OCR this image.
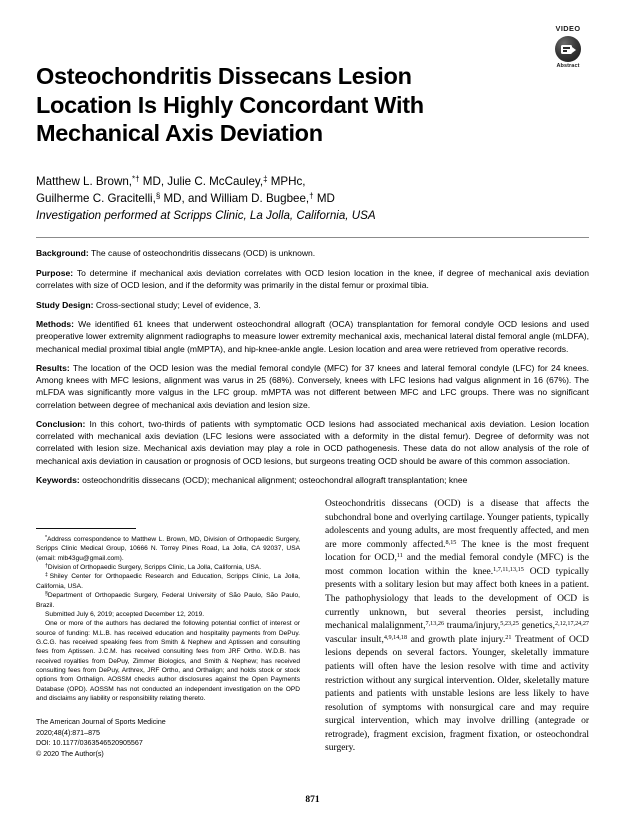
VIDEO
Abstract
Osteochondritis Dissecans Lesion Location Is Highly Concordant With Mechanical Axis Deviation
Matthew L. Brown,*† MD, Julie C. McCauley,‡ MPHc,
Guilherme C. Gracitelli,§ MD, and William D. Bugbee,† MD
Investigation performed at Scripps Clinic, La Jolla, California, USA

Background: The cause of osteochondritis dissecans (OCD) is unknown.

Purpose: To determine if mechanical axis deviation correlates with OCD lesion location in the knee, if degree of mechanical axis deviation correlates with size of OCD lesion, and if the deformity was primarily in the distal femur or proximal tibia.

Study Design: Cross-sectional study; Level of evidence, 3.

Methods: We identified 61 knees that underwent osteochondral allograft (OCA) transplantation for femoral condyle OCD lesions and used preoperative lower extremity alignment radiographs to measure lower extremity mechanical axis, mechanical lateral distal femoral angle (mLDFA), mechanical medial proximal tibial angle (mMPTA), and hip-knee-ankle angle. Lesion location and area were retrieved from operative records.

Results: The location of the OCD lesion was the medial femoral condyle (MFC) for 37 knees and lateral femoral condyle (LFC) for 24 knees. Among knees with MFC lesions, alignment was varus in 25 (68%). Conversely, knees with LFC lesions had valgus alignment in 16 (67%). The mLFDA was significantly more valgus in the LFC group. mMPTA was not different between MFC and LFC groups. There was no significant correlation between degree of mechanical axis deviation and lesion size.

Conclusion: In this cohort, two-thirds of patients with symptomatic OCD lesions had associated mechanical axis deviation. Lesion location correlated with mechanical axis deviation (LFC lesions were associated with a deformity in the distal femur). Degree of deformity was not correlated with lesion size. Mechanical axis deviation may play a role in OCD pathogenesis. These data do not allow analysis of the role of mechanical axis deviation in causation or prognosis of OCD lesions, but surgeons treating OCD should be aware of this common association.

Keywords: osteochondritis dissecans (OCD); mechanical alignment; osteochondral allograft transplantation; knee

*Address correspondence to Matthew L. Brown, MD, Division of Orthopaedic Surgery, Scripps Clinic Medical Group, 10666 N. Torrey Pines Road, La Jolla, CA 92037, USA (email: mlb43gu@gmail.com).

†Division of Orthopaedic Surgery, Scripps Clinic, La Jolla, California, USA.

‡Shiley Center for Orthopaedic Research and Education, Scripps Clinic, La Jolla, California, USA.

§Department of Orthopaedic Surgery, Federal University of São Paulo, São Paulo, Brazil.

Submitted July 6, 2019; accepted December 12, 2019.

One or more of the authors has declared the following potential conflict of interest or source of funding: M.L.B. has received education and hospitality payments from DePuy. G.C.G. has received speaking fees from Smith & Nephew and Aptissen and consulting fees from Aptissen. J.C.M. has received consulting fees from JRF Ortho. W.D.B. has received royalties from DePuy, Zimmer Biologics, and Smith & Nephew; has received consulting fees from DePuy, Arthrex, JRF Ortho, and Orthalign; and holds stock or stock options from Orthalign. AOSSM checks author disclosures against the Open Payments Database (OPD). AOSSM has not conducted an independent investigation on the OPD and disclaims any liability or responsibility relating thereto.

The American Journal of Sports Medicine
2020;48(4):871–875
DOI: 10.1177/0363546520905567
© 2020 The Author(s)

Osteochondritis dissecans (OCD) is a disease that affects the subchondral bone and overlying cartilage. Younger patients, typically adolescents and young adults, are most frequently affected, and men are more commonly affected.$^{8,15}$ The knee is the most frequent location for OCD,$^{11}$ and the medial femoral condyle (MFC) is the most common location within the knee.$^{1,7,11,13,15}$ OCD typically presents with a solitary lesion but may affect both knees in a patient. The pathophysiology that leads to the development of OCD is currently unknown, but several theories persist, including mechanical malalignment,$^{7,13,26}$ trauma/injury,$^{5,23,25}$ genetics,$^{2,12,17,24,27}$ vascular insult,$^{4,9,14,18}$ and growth plate injury.$^{21}$ Treatment of OCD lesions depends on several factors. Younger, skeletally immature patients will often have the lesion resolve with time and activity restriction without any surgical intervention. Older, skeletally mature patients and patients with unstable lesions are less likely to have resolution of symptoms with nonsurgical care and may require surgical intervention, which may involve drilling (antegrade or retrograde), fragment excision, fragment fixation, or osteochondral surgery.

871
